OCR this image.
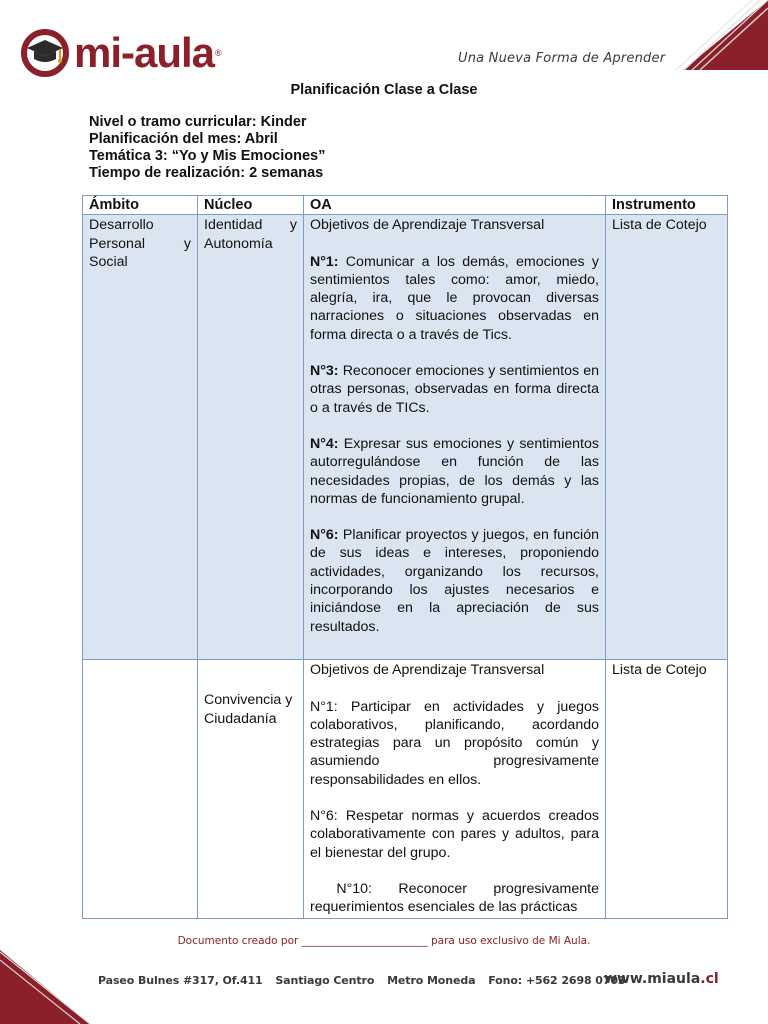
mi-aula ®	Una Nueva Forma de Aprender
Planificación Clase a Clase
Nivel o tramo curricular: Kinder
Planificación del mes: Abril
Temática 3: “Yo y Mis Emociones”
Tiempo de realización: 2 semanas
Ámbito	Núcleo	OA	Instrumento
Desarrollo Personal y Social	Identidad y Autonomía	Objetivos de Aprendizaje Transversal
N°1: Comunicar a los demás, emociones y sentimientos tales como: amor, miedo, alegría, ira, que le provocan diversas narraciones o situaciones observadas en forma directa o a través de Tics.
N°3: Reconocer emociones y sentimientos en otras personas, observadas en forma directa o a través de TICs.
N°4: Expresar sus emociones y sentimientos autorregulándose en función de las necesidades propias, de los demás y las normas de funcionamiento grupal.
N°6: Planificar proyectos y juegos, en función de sus ideas e intereses, proponiendo actividades, organizando los recursos, incorporando los ajustes necesarios e iniciándose en la apreciación de sus resultados.	Lista de Cotejo

	Convivencia y Ciudadanía	Objetivos de Aprendizaje Transversal
N°1: Participar en actividades y juegos colaborativos, planificando, acordando estrategias para un propósito común y asumiendo progresivamente responsabilidades en ellos.
N°6: Respetar normas y acuerdos creados colaborativamente con pares y adultos, para el bienestar del grupo.
N°10: Reconocer progresivamente requerimientos esenciales de las prácticas	Lista de Cotejo
Documento creado por ________________________ para uso exclusivo de Mi Aula.
Paseo Bulnes #317, Of.411 Santiago Centro Metro Moneda Fono: +562 2698 0703
www.miaula.cl
